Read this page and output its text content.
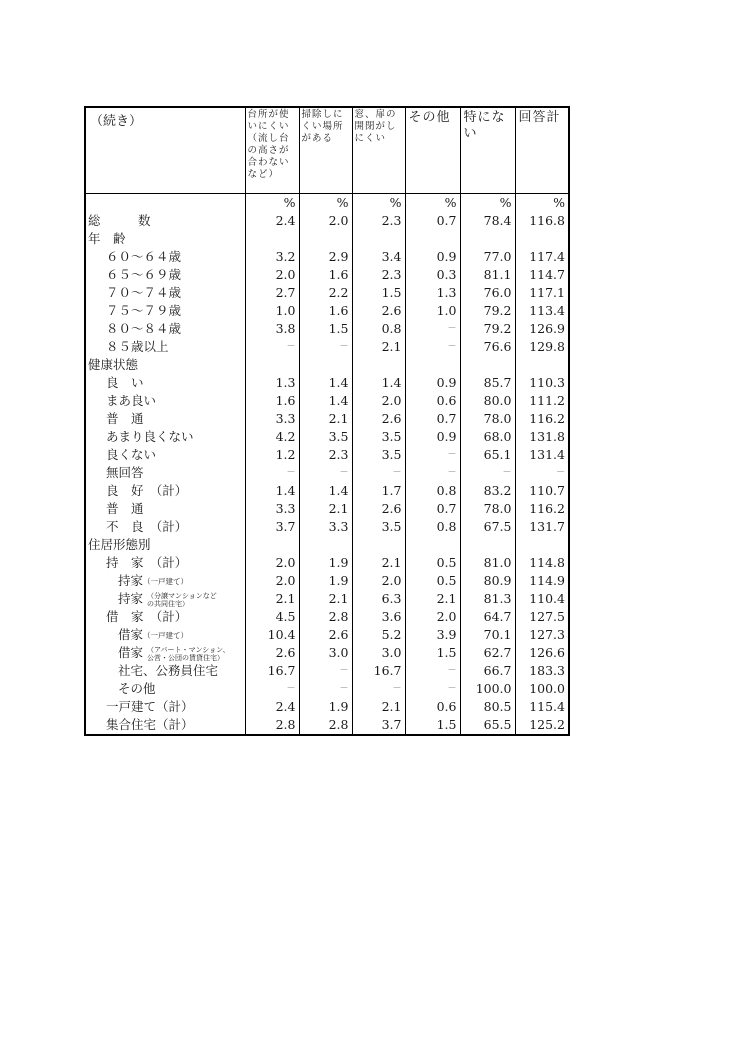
（続き）	台所が使いにくい（流し台の高さが合わないなど）	掃除しにくい場所がある	窓、扉の開閉がしにくい	その他	特にない	回答計

	%	%	%	%	%	%
総　　　数	2.4	2.0	2.3	0.7	78.4	116.8
年　齢						
６０～６４歳	3.2	2.9	3.4	0.9	77.0	117.4
６５～６９歳	2.0	1.6	2.3	0.3	81.1	114.7
７０～７４歳	2.7	2.2	1.5	1.3	76.0	117.1
７５～７９歳	1.0	1.6	2.6	1.0	79.2	113.4
８０～８４歳	3.8	1.5	0.8	－	79.2	126.9
８５歳以上	－	－	2.1	－	76.6	129.8
健康状態						
良　い	1.3	1.4	1.4	0.9	85.7	110.3
まあ良い	1.6	1.4	2.0	0.6	80.0	111.2
普　通	3.3	2.1	2.6	0.7	78.0	116.2
あまり良くない	4.2	3.5	3.5	0.9	68.0	131.8
良くない	1.2	2.3	3.5	－	65.1	131.4
無回答	－	－	－	－	－	－
良　好　（計）	1.4	1.4	1.7	0.8	83.2	110.7
普　通	3.3	2.1	2.6	0.7	78.0	116.2
不　良　（計）	3.7	3.3	3.5	0.8	67.5	131.7
住居形態別						
持　家　（計）	2.0	1.9	2.1	0.5	81.0	114.8
持家（一戸建て）	2.0	1.9	2.0	0.5	80.9	114.9
持家 （分譲マンションなど
の共同住宅）	2.1	2.1	6.3	2.1	81.3	110.4
借　家　（計）	4.5	2.8	3.6	2.0	64.7	127.5
借家（一戸建て）	10.4	2.6	5.2	3.9	70.1	127.3
借家 （アパート・マンション、
公営・公団の賃貸住宅）	2.6	3.0	3.0	1.5	62.7	126.6
社宅、公務員住宅	16.7	－	16.7	－	66.7	183.3
その他	－	－	－	－	100.0	100.0
一戸建て（計）	2.4	1.9	2.1	0.6	80.5	115.4
集合住宅（計）	2.8	2.8	3.7	1.5	65.5	125.2
